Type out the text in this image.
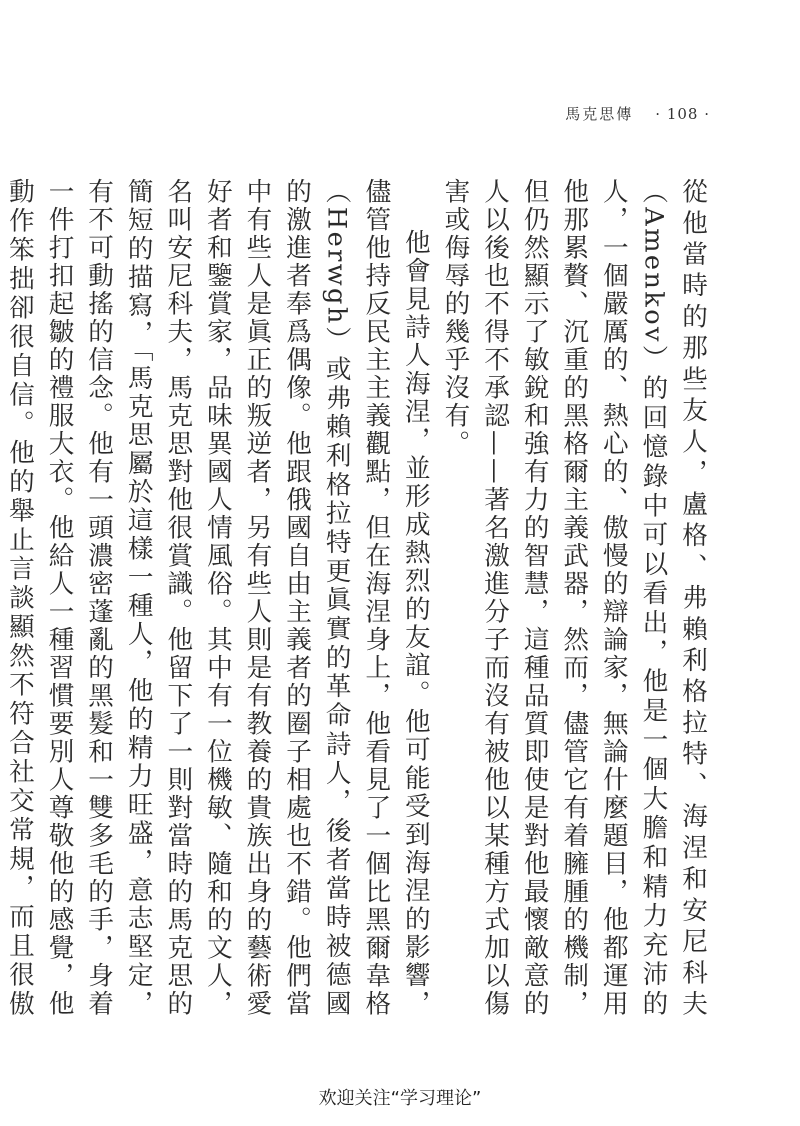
馬克思傳 · 108 ·

從他當時的那些友人，盧格、弗賴利格拉特、海涅和安尼科夫（Amenkov）的回憶錄中可以看出，他是一個大膽和精力充沛的人，一個嚴厲的、熱心的、傲慢的辯論家，無論什麼題目，他都運用他那累贅、沉重的黑格爾主義武器，然而，儘管它有着臃腫的機制，但仍然顯示了敏銳和強有力的智慧，這種品質即使是對他最懷敵意的人以後也不得不承認——著名激進分子而沒有被他以某種方式加以傷害或侮辱的幾乎沒有。

他會見詩人海涅，並形成熱烈的友誼。他可能受到海涅的影響，儘管他持反民主主義觀點，但在海涅身上，他看見了一個比黑爾韋格（Herwgh）或弗賴利格拉特更眞實的革命詩人，後者當時被德國的激進者奉爲偶像。他跟俄國自由主義者的圈子相處也不錯。他們當中有些人是眞正的叛逆者，另有些人則是有教養的貴族出身的藝術愛好者和鑒賞家，品味異國人情風俗。其中有一位機敏、隨和的文人，名叫安尼科夫，馬克思對他很賞識。他留下了一則對當時的馬克思的簡短的描寫，「馬克思屬於這樣一種人，他的精力旺盛，意志堅定，有不可動搖的信念。他有一頭濃密蓬亂的黑髮和一雙多毛的手，身着一件打扣起皺的禮服大衣。他給人一種習慣要別人尊敬他的感覺，他動作笨拙卻很自信。他的舉止言談顯然不符合社交常規，而且很傲

欢迎关注“学习理论”
